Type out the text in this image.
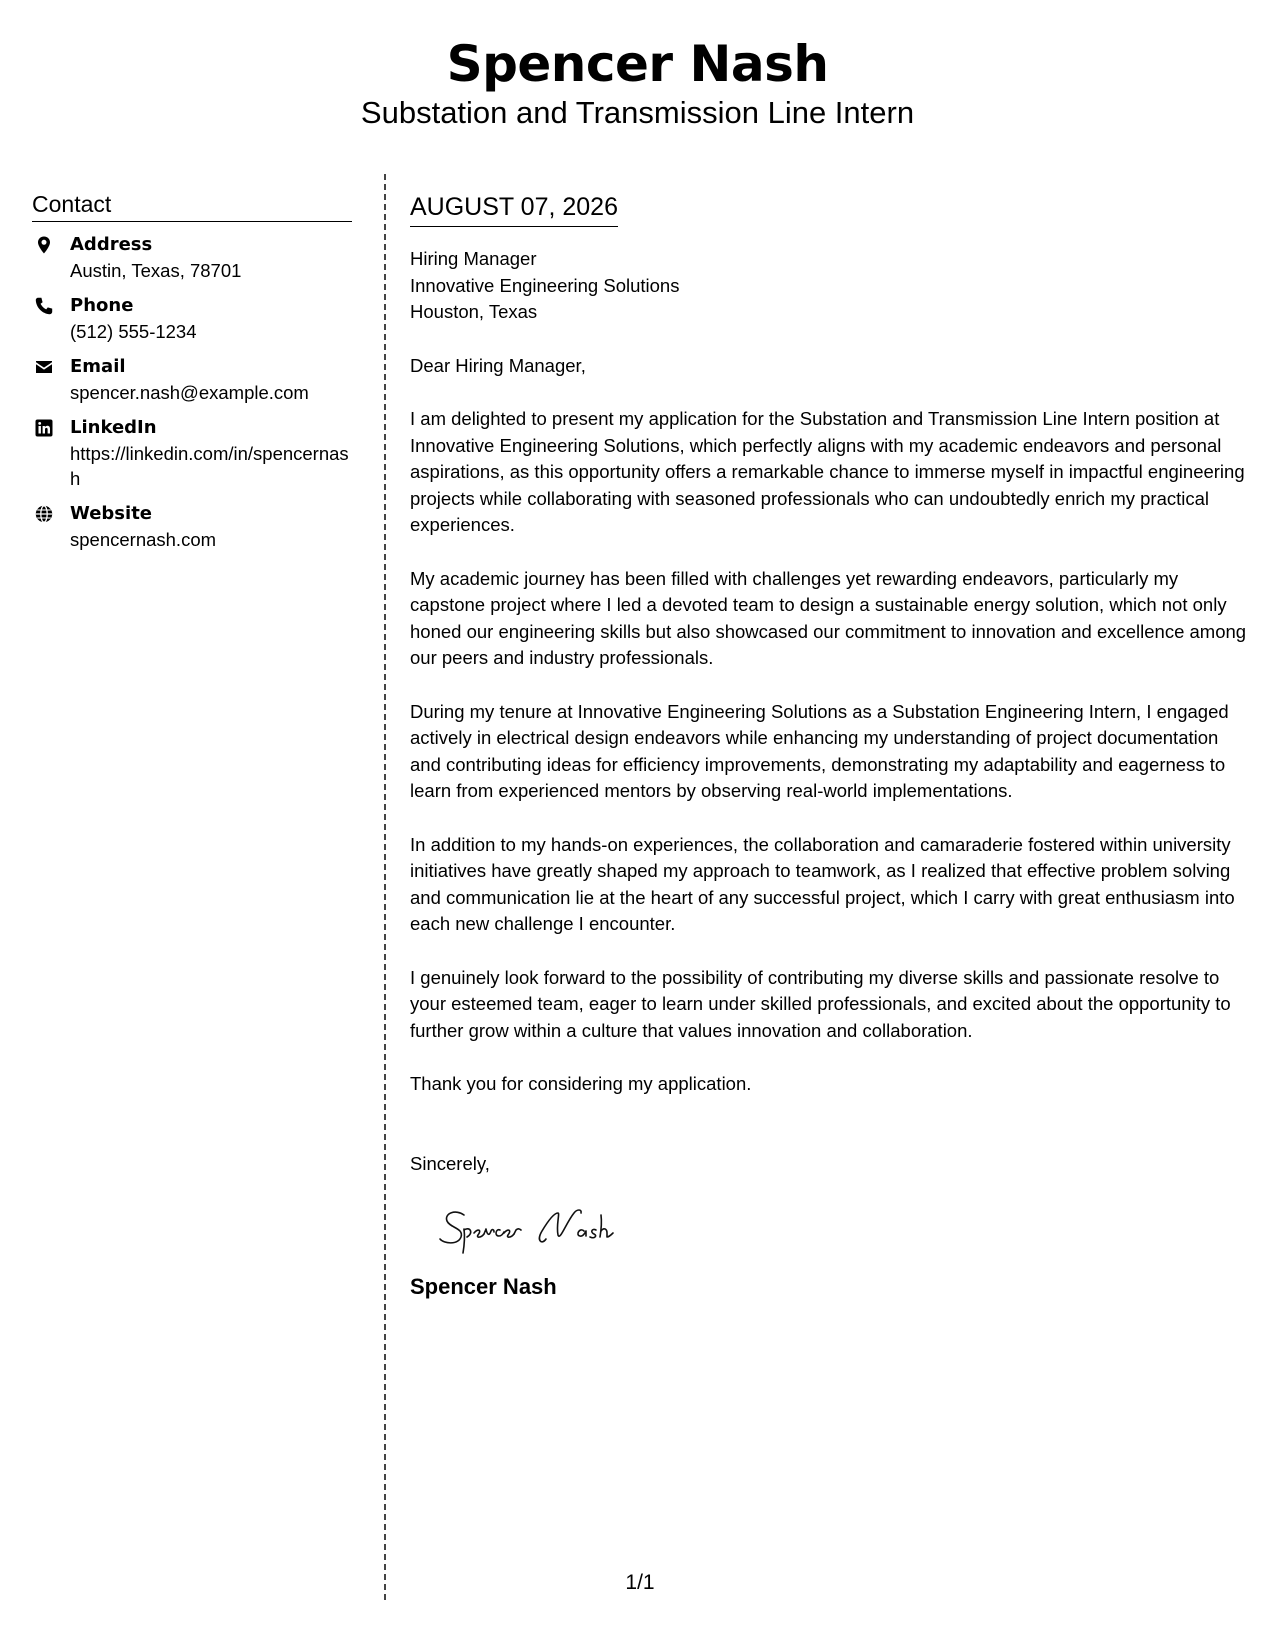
Spencer Nash
Substation and Transmission Line Intern
Contact
Address
Austin, Texas, 78701
Phone
(512) 555-1234
Email
spencer.nash@example.com
LinkedIn
https://linkedin.com/in/spencernash
Website
spencernash.com
AUGUST 07, 2026
Hiring Manager
Innovative Engineering Solutions
Houston, Texas
Dear Hiring Manager,
I am delighted to present my application for the Substation and Transmission Line Intern position at Innovative Engineering Solutions, which perfectly aligns with my academic endeavors and personal aspirations, as this opportunity offers a remarkable chance to immerse myself in impactful engineering projects while collaborating with seasoned professionals who can undoubtedly enrich my practical experiences.
My academic journey has been filled with challenges yet rewarding endeavors, particularly my capstone project where I led a devoted team to design a sustainable energy solution, which not only honed our engineering skills but also showcased our commitment to innovation and excellence among our peers and industry professionals.
During my tenure at Innovative Engineering Solutions as a Substation Engineering Intern, I engaged actively in electrical design endeavors while enhancing my understanding of project documentation and contributing ideas for efficiency improvements, demonstrating my adaptability and eagerness to learn from experienced mentors by observing real-world implementations.
In addition to my hands-on experiences, the collaboration and camaraderie fostered within university initiatives have greatly shaped my approach to teamwork, as I realized that effective problem solving and communication lie at the heart of any successful project, which I carry with great enthusiasm into each new challenge I encounter.
I genuinely look forward to the possibility of contributing my diverse skills and passionate resolve to your esteemed team, eager to learn under skilled professionals, and excited about the opportunity to further grow within a culture that values innovation and collaboration.
Thank you for considering my application.
Sincerely,
Spencer Nash
1/1
